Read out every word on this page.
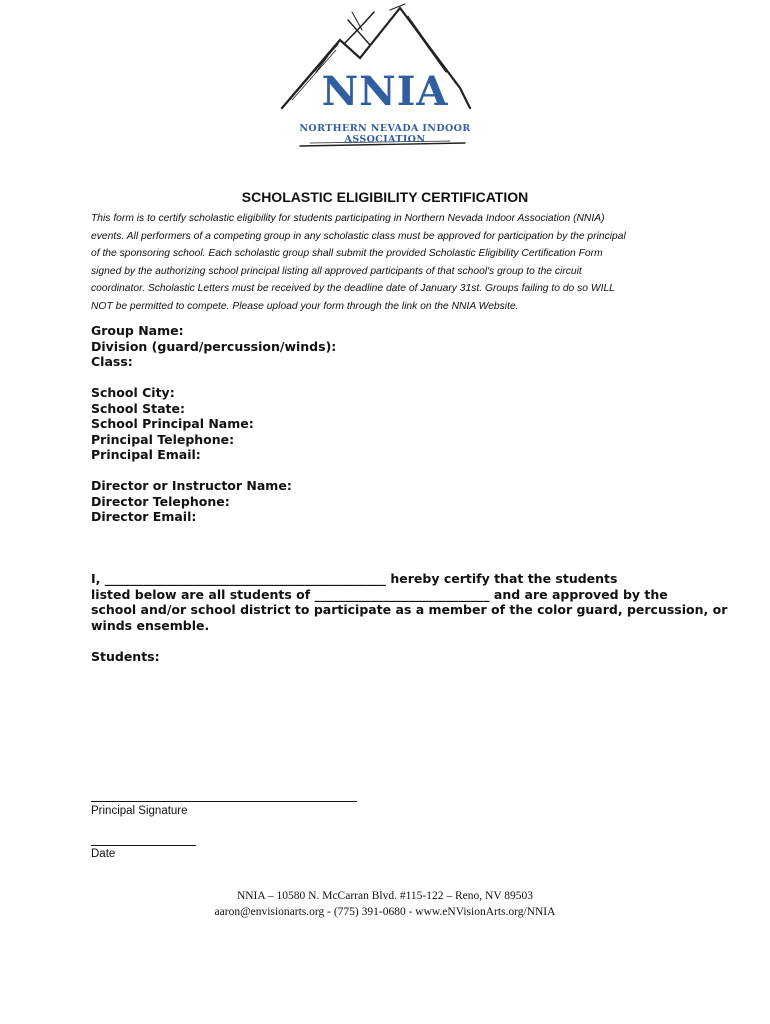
NNIA
NORTHERN NEVADA INDOOR ASSOCIATION
SCHOLASTIC ELIGIBILITY CERTIFICATION
This form is to certify scholastic eligibility for students participating in Northern Nevada Indoor Association (NNIA)
events. All performers of a competing group in any scholastic class must be approved for participation by the principal
of the sponsoring school. Each scholastic group shall submit the provided Scholastic Eligibility Certification Form
signed by the authorizing school principal listing all approved participants of that school's group to the circuit
coordinator. Scholastic Letters must be received by the deadline date of January 31st. Groups failing to do so WILL
NOT be permitted to compete. Please upload your form through the link on the NNIA Website.
Group Name:
Division (guard/percussion/winds):
Class:
School City:
School State:
School Principal Name:
Principal Telephone:
Principal Email:
Director or Instructor Name:
Director Telephone:
Director Email:
I, _____________________________________________ hereby certify that the students
listed below are all students of ____________________________ and are approved by the
school and/or school district to participate as a member of the color guard, percussion, or
winds ensemble.
Students:
Principal Signature
Date
NNIA – 10580 N. McCarran Blvd. #115-122 – Reno, NV 89503
aaron@envisionarts.org - (775) 391-0680 - www.eNVisionArts.org/NNIA
